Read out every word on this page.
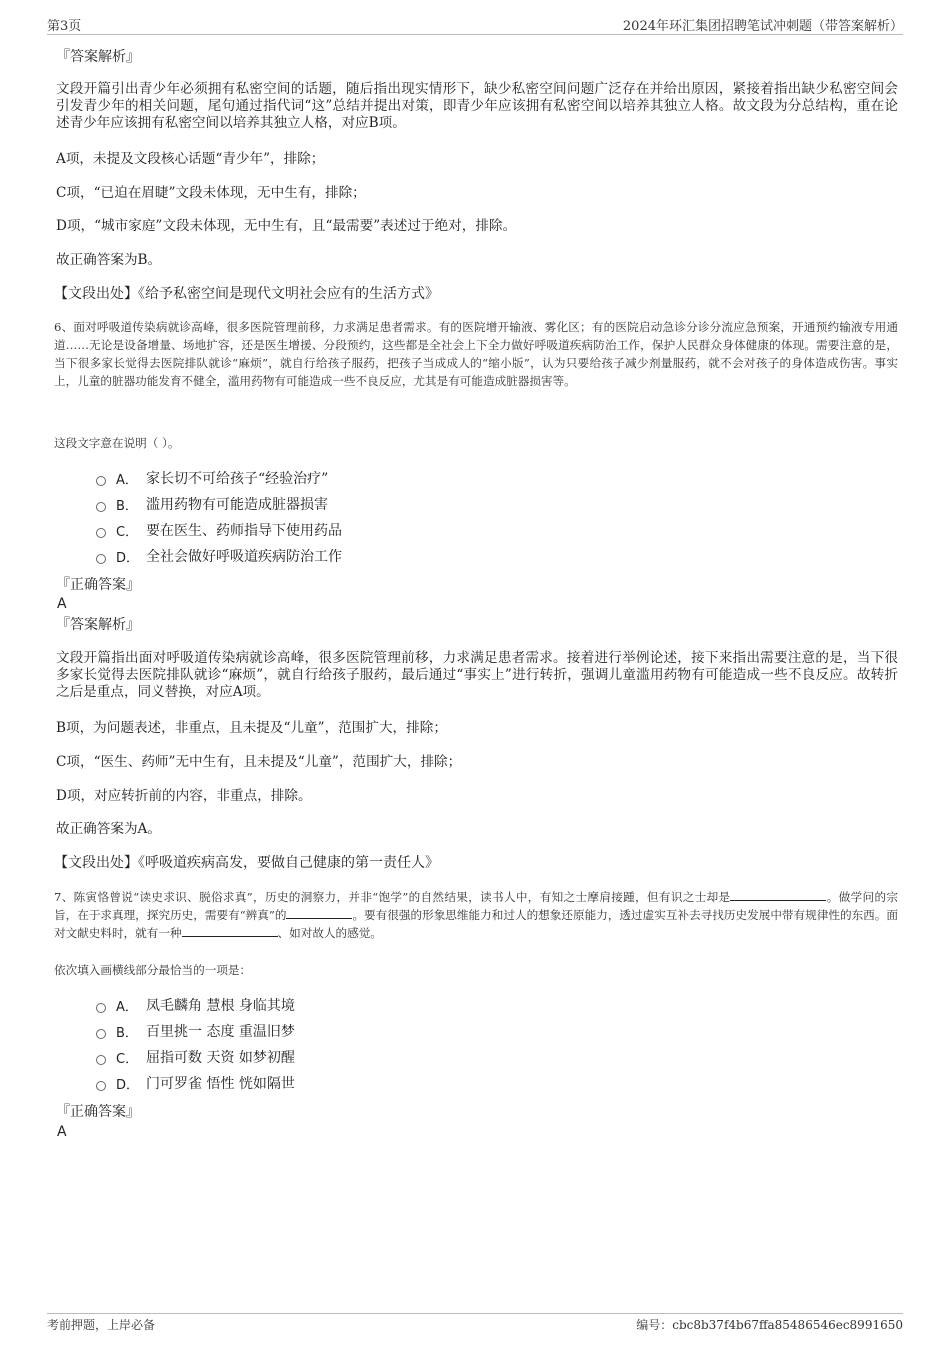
第3页	2024年环汇集团招聘笔试冲刺题（带答案解析）
『答案解析』
文段开篇引出青少年必须拥有私密空间的话题，随后指出现实情形下，缺少私密空间问题广泛存在并给出原因，紧接着指出缺少私密空间会引发青少年的相关问题，尾句通过指代词“这”总结并提出对策，即青少年应该拥有私密空间以培养其独立人格。故文段为分总结构，重在论述青少年应该拥有私密空间以培养其独立人格，对应B项。
A项，未提及文段核心话题“青少年”，排除；
C项，“已迫在眉睫”文段未体现，无中生有，排除；
D项，“城市家庭”文段未体现，无中生有，且“最需要”表述过于绝对，排除。
故正确答案为B。
【文段出处】《给予私密空间是现代文明社会应有的生活方式》
6、面对呼吸道传染病就诊高峰，很多医院管理前移，力求满足患者需求。有的医院增开输液、雾化区；有的医院启动急诊分诊分流应急预案，开通预约输液专用通道……无论是设备增量、场地扩容，还是医生增援、分段预约，这些都是全社会上下全力做好呼吸道疾病防治工作，保护人民群众身体健康的体现。需要注意的是，当下很多家长觉得去医院排队就诊“麻烦”，就自行给孩子服药，把孩子当成成人的“缩小版”，认为只要给孩子减少剂量服药，就不会对孩子的身体造成伤害。事实上，儿童的脏器功能发育不健全，滥用药物有可能造成一些不良反应，尤其是有可能造成脏器损害等。
这段文字意在说明（ ）。
A． 家长切不可给孩子“经验治疗”
B． 滥用药物有可能造成脏器损害
C． 要在医生、药师指导下使用药品
D． 全社会做好呼吸道疾病防治工作
『正确答案』
A
『答案解析』
文段开篇指出面对呼吸道传染病就诊高峰，很多医院管理前移，力求满足患者需求。接着进行举例论述，接下来指出需要注意的是，当下很多家长觉得去医院排队就诊“麻烦”，就自行给孩子服药，最后通过“事实上”进行转折，强调儿童滥用药物有可能造成一些不良反应。故转折之后是重点，同义替换，对应A项。
B项，为问题表述，非重点，且未提及“儿童”，范围扩大，排除；
C项，“医生、药师”无中生有，且未提及“儿童”，范围扩大，排除；
D项，对应转折前的内容，非重点，排除。
故正确答案为A。
【文段出处】《呼吸道疾病高发，要做自己健康的第一责任人》
7、陈寅恪曾说“读史求识、脱俗求真”，历史的洞察力，并非“饱学”的自然结果，读书人中，有知之士摩肩接踵，但有识之士却是	。做学问的宗旨，在于求真理，探究历史，需要有“辨真”的	。要有很强的形象思维能力和过人的想象还原能力，透过虚实互补去寻找历史发展中带有规律性的东西。面对文献史料时，就有一种	、如对故人的感觉。
依次填入画横线部分最恰当的一项是：
A． 凤毛麟角 慧根 身临其境
B． 百里挑一 态度 重温旧梦
C． 屈指可数 天资 如梦初醒
D． 门可罗雀 悟性 恍如隔世
『正确答案』
A
考前押题，上岸必备	编号：cbc8b37f4b67ffa85486546ec8991650
